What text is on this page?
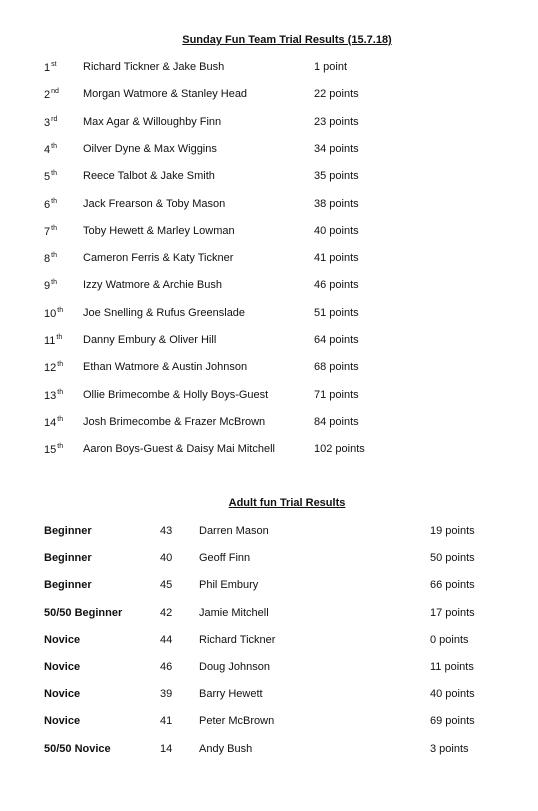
Sunday Fun Team Trial Results (15.7.18)
1st Richard Tickner & Jake Bush	1 point
2nd Morgan Watmore & Stanley Head	22 points
3rd Max Agar & Willoughby Finn	23 points
4th Oilver Dyne & Max Wiggins	34 points
5th Reece Talbot & Jake Smith	35 points
6th Jack Frearson & Toby Mason	38 points
7th Toby Hewett & Marley Lowman	40 points
8th Cameron Ferris & Katy Tickner	41 points
9th Izzy Watmore & Archie Bush	46 points
10th Joe Snelling & Rufus Greenslade	51 points
11th Danny Embury & Oliver Hill	64 points
12th Ethan Watmore & Austin Johnson	68 points
13th Ollie Brimecombe & Holly Boys-Guest	71 points
14th Josh Brimecombe & Frazer McBrown	84 points
15th Aaron Boys-Guest & Daisy Mai Mitchell	102 points
Adult fun Trial Results
Beginner	43 Darren Mason	19 points
Beginner	40 Geoff Finn	50 points
Beginner	45 Phil Embury	66 points
50/50 Beginner	42 Jamie Mitchell	17 points
Novice	44 Richard Tickner	0 points
Novice	46 Doug Johnson	11 points
Novice	39 Barry Hewett	40 points
Novice	41 Peter McBrown	69 points
50/50 Novice	14 Andy Bush	3 points
